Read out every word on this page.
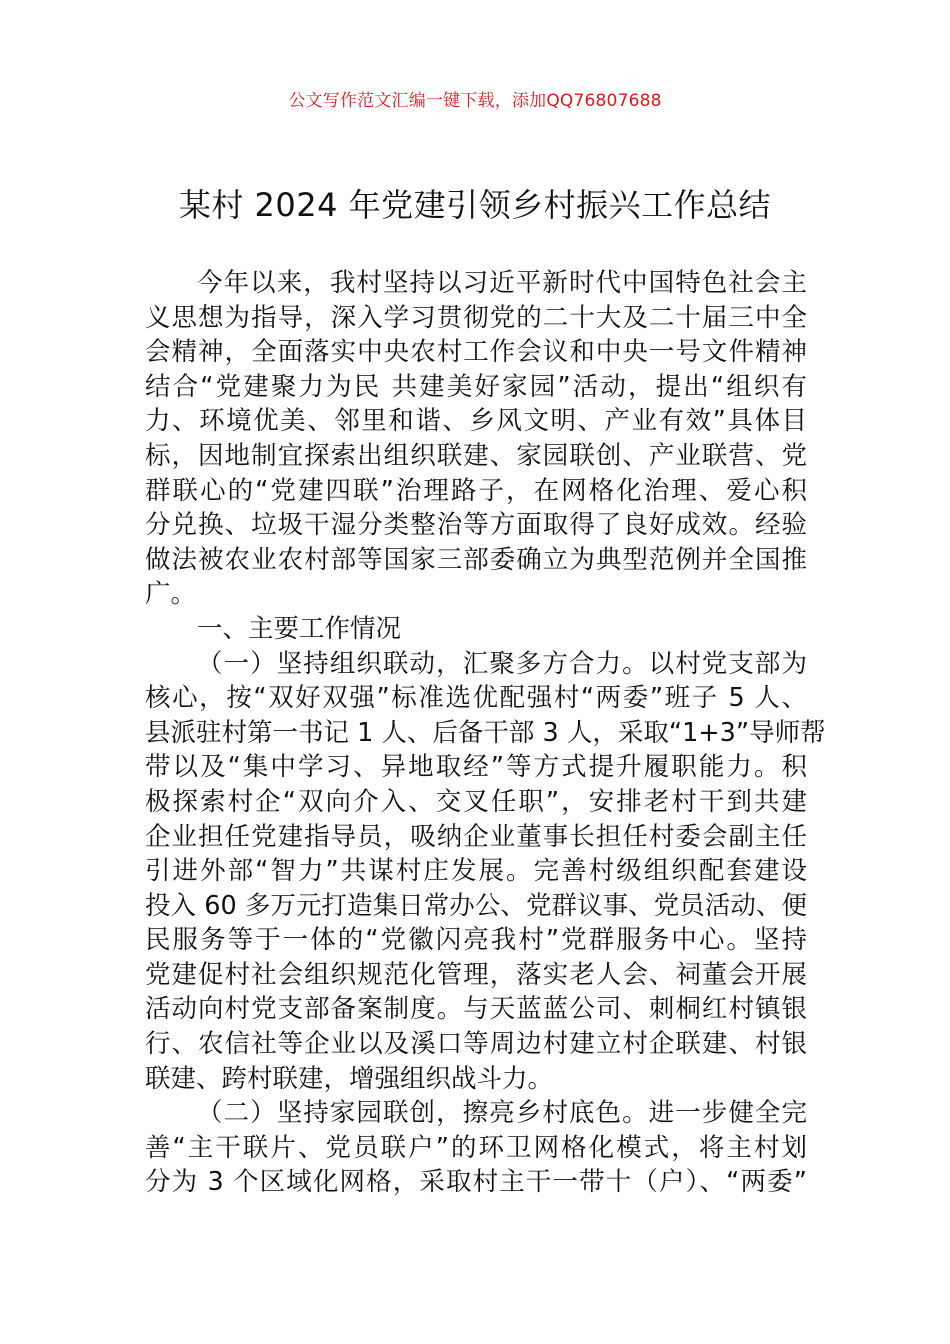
公文写作范文汇编一键下载，添加QQ76807688
某村 2024 年党建引领乡村振兴工作总结
今年以来，我村坚持以习近平新时代中国特色社会主
义思想为指导，深入学习贯彻党的二十大及二十届三中全
会精神，全面落实中央农村工作会议和中央一号文件精神
结合“党建聚力为民 共建美好家园”活动，提出“组织有
力、环境优美、邻里和谐、乡风文明、产业有效”具体目
标，因地制宜探索出组织联建、家园联创、产业联营、党
群联心的“党建四联”治理路子，在网格化治理、爱心积
分兑换、垃圾干湿分类整治等方面取得了良好成效。经验
做法被农业农村部等国家三部委确立为典型范例并全国推
广。
一、主要工作情况
（一）坚持组织联动，汇聚多方合力。以村党支部为
核心，按“双好双强”标准选优配强村“两委”班子 5 人、
县派驻村第一书记 1 人、后备干部 3 人，采取“1+3”导师帮
带以及“集中学习、异地取经”等方式提升履职能力。积
极探索村企“双向介入、交叉任职”，安排老村干到共建
企业担任党建指导员，吸纳企业董事长担任村委会副主任
引进外部“智力”共谋村庄发展。完善村级组织配套建设
投入 60 多万元打造集日常办公、党群议事、党员活动、便
民服务等于一体的“党徽闪亮我村”党群服务中心。坚持
党建促村社会组织规范化管理，落实老人会、祠董会开展
活动向村党支部备案制度。与天蓝蓝公司、刺桐红村镇银
行、农信社等企业以及溪口等周边村建立村企联建、村银
联建、跨村联建，增强组织战斗力。
（二）坚持家园联创，擦亮乡村底色。进一步健全完
善“主干联片、党员联户”的环卫网格化模式，将主村划
分为 3 个区域化网格，采取村主干一带十（户）、“两委”
